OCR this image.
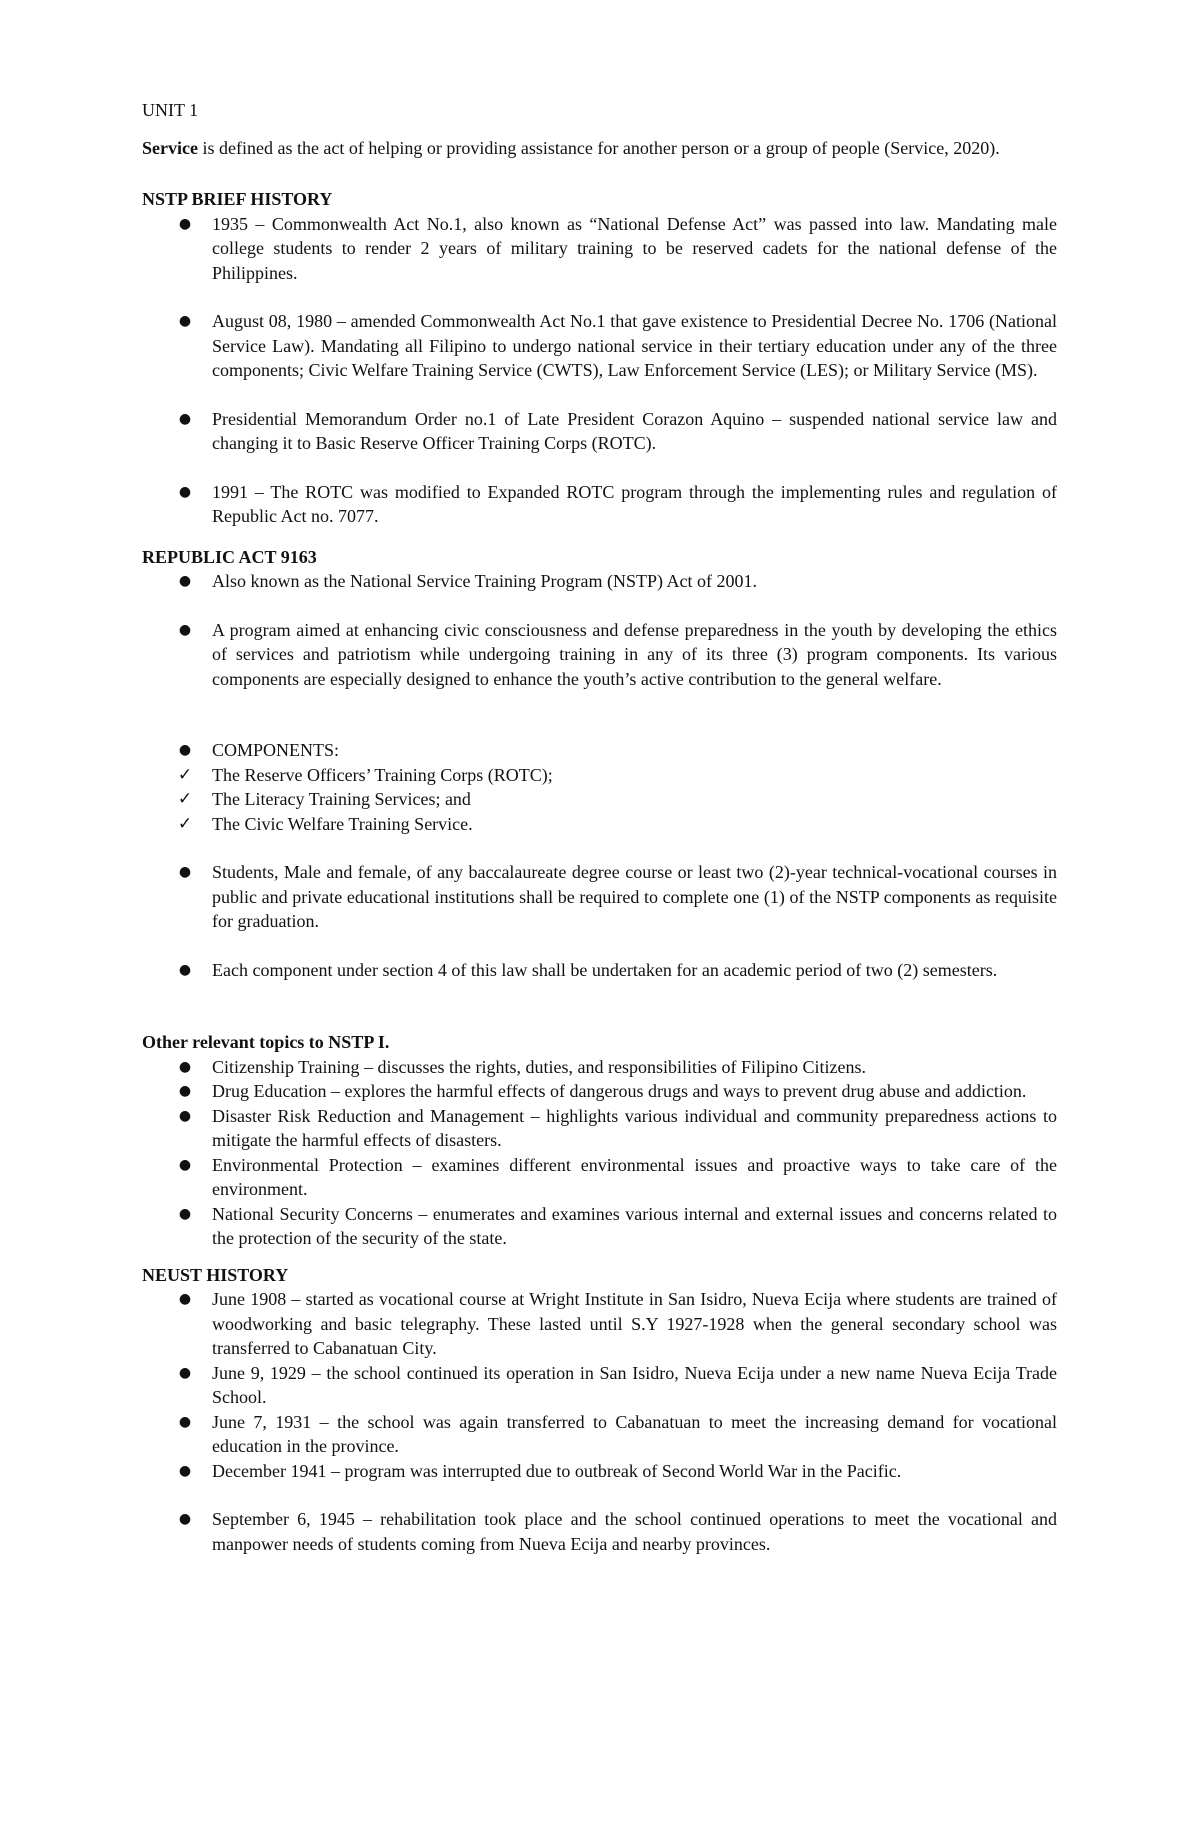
UNIT 1

Service is defined as the act of helping or providing assistance for another person or a group of people (Service, 2020).

NSTP BRIEF HISTORY

● 1935 – Commonwealth Act No.1, also known as “National Defense Act” was passed into law. Mandating male college students to render 2 years of military training to be reserved cadets for the national defense of the Philippines.
● August 08, 1980 – amended Commonwealth Act No.1 that gave existence to Presidential Decree No. 1706 (National Service Law). Mandating all Filipino to undergo national service in their tertiary education under any of the three components; Civic Welfare Training Service (CWTS), Law Enforcement Service (LES); or Military Service (MS).
● Presidential Memorandum Order no.1 of Late President Corazon Aquino – suspended national service law and changing it to Basic Reserve Officer Training Corps (ROTC).
● 1991 – The ROTC was modified to Expanded ROTC program through the implementing rules and regulation of Republic Act no. 7077.

REPUBLIC ACT 9163

● Also known as the National Service Training Program (NSTP) Act of 2001.
● A program aimed at enhancing civic consciousness and defense preparedness in the youth by developing the ethics of services and patriotism while undergoing training in any of its three (3) program components. Its various components are especially designed to enhance the youth’s active contribution to the general welfare.
● COMPONENTS:
✓ The Reserve Officers’ Training Corps (ROTC);
✓ The Literacy Training Services; and
✓ The Civic Welfare Training Service.
● Students, Male and female, of any baccalaureate degree course or least two (2)-year technical-vocational courses in public and private educational institutions shall be required to complete one (1) of the NSTP components as requisite for graduation.
● Each component under section 4 of this law shall be undertaken for an academic period of two (2) semesters.

Other relevant topics to NSTP I.

● Citizenship Training – discusses the rights, duties, and responsibilities of Filipino Citizens.
● Drug Education – explores the harmful effects of dangerous drugs and ways to prevent drug abuse and addiction.
● Disaster Risk Reduction and Management – highlights various individual and community preparedness actions to mitigate the harmful effects of disasters.
● Environmental Protection – examines different environmental issues and proactive ways to take care of the environment.
● National Security Concerns – enumerates and examines various internal and external issues and concerns related to the protection of the security of the state.

NEUST HISTORY

● June 1908 – started as vocational course at Wright Institute in San Isidro, Nueva Ecija where students are trained of woodworking and basic telegraphy. These lasted until S.Y 1927-1928 when the general secondary school was transferred to Cabanatuan City.
● June 9, 1929 – the school continued its operation in San Isidro, Nueva Ecija under a new name Nueva Ecija Trade School.
● June 7, 1931 – the school was again transferred to Cabanatuan to meet the increasing demand for vocational education in the province.
● December 1941 – program was interrupted due to outbreak of Second World War in the Pacific.
● September 6, 1945 – rehabilitation took place and the school continued operations to meet the vocational and manpower needs of students coming from Nueva Ecija and nearby provinces.
